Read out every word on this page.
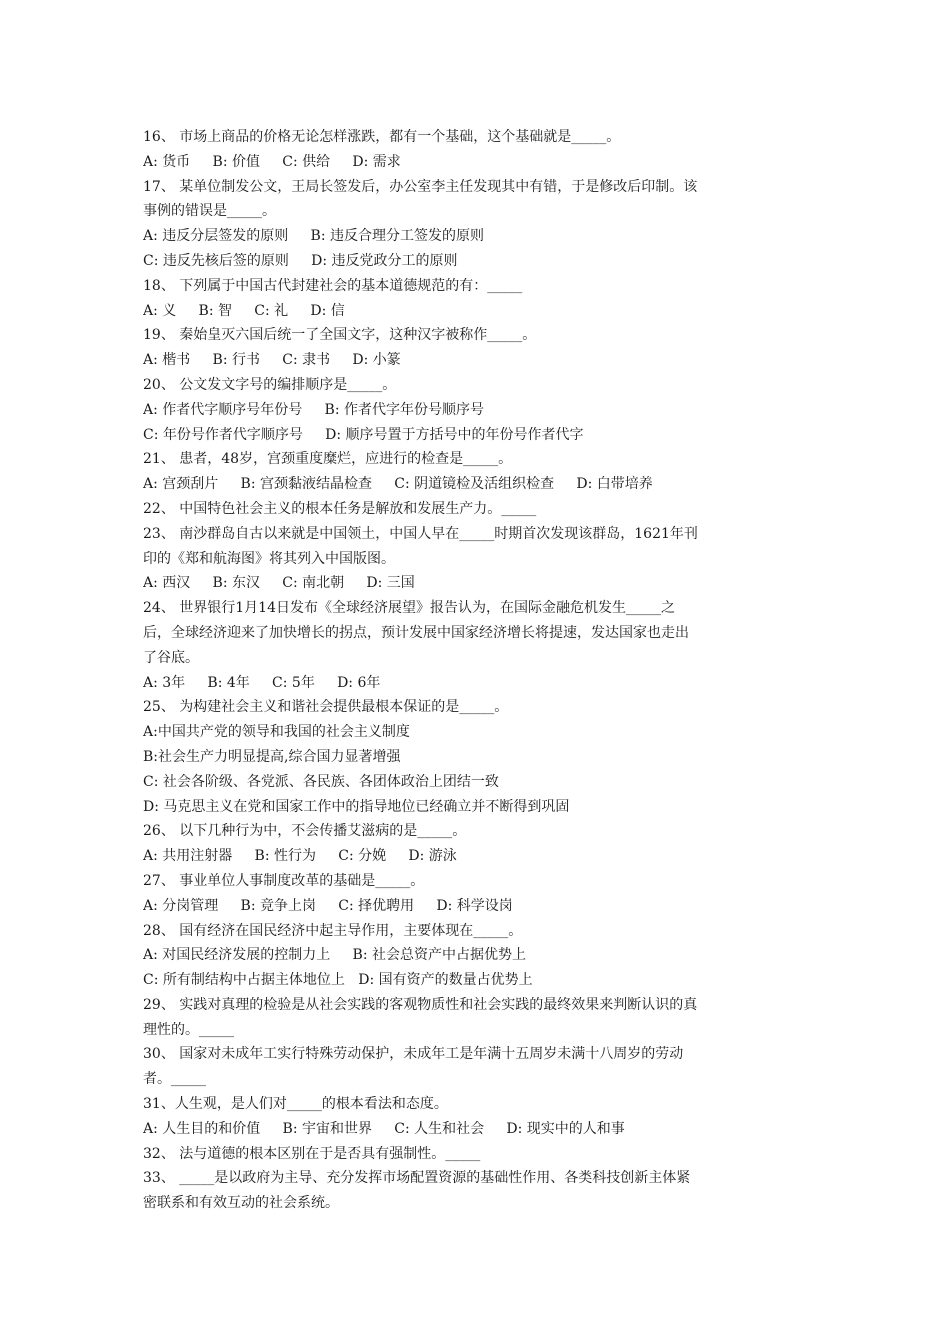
16、 市场上商品的价格无论怎样涨跌，都有一个基础，这个基础就是_____。
A: 货币     B: 价值     C: 供给     D: 需求
17、 某单位制发公文，王局长签发后，办公室李主任发现其中有错，于是修改后印制。该
事例的错误是_____。
A: 违反分层签发的原则     B: 违反合理分工签发的原则
C: 违反先核后签的原则     D: 违反党政分工的原则
18、 下列属于中国古代封建社会的基本道德规范的有：_____
A: 义     B: 智     C: 礼     D: 信
19、 秦始皇灭六国后统一了全国文字，这种汉字被称作_____。
A: 楷书     B: 行书     C: 隶书     D: 小篆
20、 公文发文字号的编排顺序是_____。
A: 作者代字顺序号年份号     B: 作者代字年份号顺序号
C: 年份号作者代字顺序号     D: 顺序号置于方括号中的年份号作者代字
21、 患者，48岁，宫颈重度糜烂，应进行的检查是_____。
A: 宫颈刮片     B: 宫颈黏液结晶检查     C: 阴道镜检及活组织检查     D: 白带培养
22、 中国特色社会主义的根本任务是解放和发展生产力。_____
23、 南沙群岛自古以来就是中国领土，中国人早在_____时期首次发现该群岛，1621年刊
印的《郑和航海图》将其列入中国版图。
A: 西汉     B: 东汉     C: 南北朝     D: 三国
24、 世界银行1月14日发布《全球经济展望》报告认为，在国际金融危机发生_____之
后，全球经济迎来了加快增长的拐点，预计发展中国家经济增长将提速，发达国家也走出
了谷底。
A: 3年     B: 4年     C: 5年     D: 6年
25、 为构建社会主义和谐社会提供最根本保证的是_____。
A:中国共产党的领导和我国的社会主义制度
B:社会生产力明显提高,综合国力显著增强
C: 社会各阶级、各党派、各民族、各团体政治上团结一致
D: 马克思主义在党和国家工作中的指导地位已经确立并不断得到巩固
26、 以下几种行为中，不会传播艾滋病的是_____。
A: 共用注射器     B: 性行为     C: 分娩     D: 游泳
27、 事业单位人事制度改革的基础是_____。
A: 分岗管理     B: 竞争上岗     C: 择优聘用     D: 科学设岗
28、 国有经济在国民经济中起主导作用，主要体现在_____。
A: 对国民经济发展的控制力上     B: 社会总资产中占据优势上
C: 所有制结构中占据主体地位上   D: 国有资产的数量占优势上
29、 实践对真理的检验是从社会实践的客观物质性和社会实践的最终效果来判断认识的真
理性的。_____
30、 国家对未成年工实行特殊劳动保护，未成年工是年满十五周岁未满十八周岁的劳动
者。_____
31、人生观，是人们对_____的根本看法和态度。
A: 人生目的和价值     B: 宇宙和世界     C: 人生和社会     D: 现实中的人和事
32、 法与道德的根本区别在于是否具有强制性。_____
33、 _____是以政府为主导、充分发挥市场配置资源的基础性作用、各类科技创新主体紧
密联系和有效互动的社会系统。
